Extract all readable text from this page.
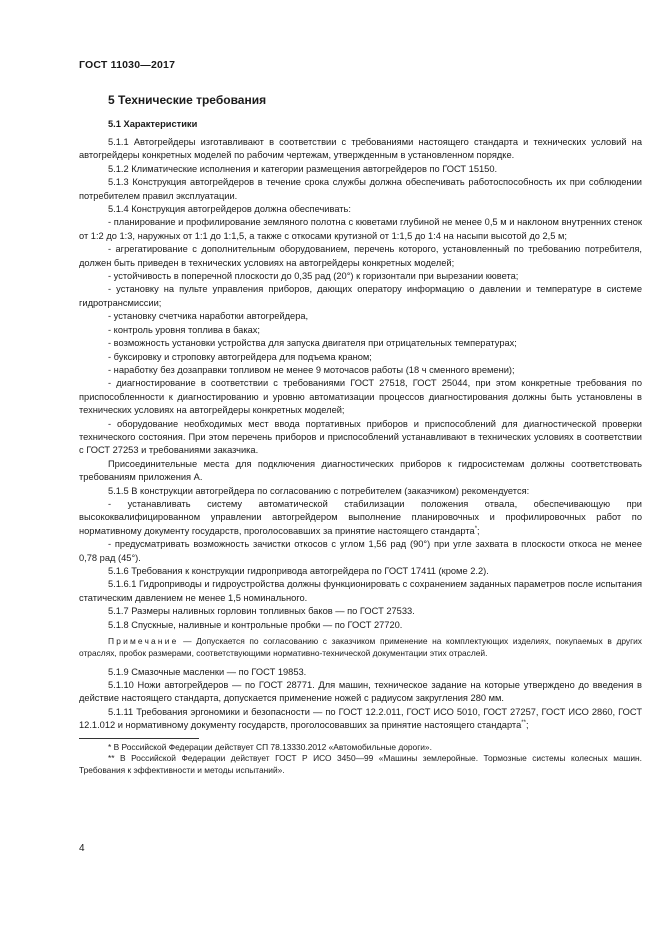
ГОСТ 11030—2017

5 Технические требования

5.1 Характеристики

5.1.1 Автогрейдеры изготавливают в соответствии с требованиями настоящего стандарта и технических условий на автогрейдеры конкретных моделей по рабочим чертежам, утвержденным в установленном порядке.

5.1.2 Климатические исполнения и категории размещения автогрейдеров по ГОСТ 15150.

5.1.3 Конструкция автогрейдеров в течение срока службы должна обеспечивать работоспособность их при соблюдении потребителем правил эксплуатации.

5.1.4 Конструкция автогрейдеров должна обеспечивать:

- планирование и профилирование земляного полотна с кюветами глубиной не менее 0,5 м и наклоном внутренних стенок от 1:2 до 1:3, наружных от 1:1 до 1:1,5, а также с откосами крутизной от 1:1,5 до 1:4 на насыпи высотой до 2,5 м;

- агрегатирование с дополнительным оборудованием, перечень которого, установленный по требованию потребителя, должен быть приведен в технических условиях на автогрейдеры конкретных моделей;

- устойчивость в поперечной плоскости до 0,35 рад (20°) к горизонтали при вырезании кювета;

- установку на пульте управления приборов, дающих оператору информацию о давлении и температуре в системе гидротрансмиссии;

- установку счетчика наработки автогрейдера,

- контроль уровня топлива в баках;

- возможность установки устройства для запуска двигателя при отрицательных температурах;

- буксировку и строповку автогрейдера для подъема краном;

- наработку без дозаправки топливом не менее 9 моточасов работы (18 ч сменного времени);

- диагностирование в соответствии с требованиями ГОСТ 27518, ГОСТ 25044, при этом конкретные требования по приспособленности к диагностированию и уровню автоматизации процессов диагностирования должны быть установлены в технических условиях на автогрейдеры конкретных моделей;

- оборудование необходимых мест ввода портативных приборов и приспособлений для диагностической проверки технического состояния. При этом перечень приборов и приспособлений устанавливают в технических условиях в соответствии с ГОСТ 27253 и требованиями заказчика.

Присоединительные места для подключения диагностических приборов к гидросистемам должны соответствовать требованиям приложения А.

5.1.5 В конструкции автогрейдера по согласованию с потребителем (заказчиком) рекомендуется:

- устанавливать систему автоматической стабилизации положения отвала, обеспечивающую при высококвалифицированном управлении автогрейдером выполнение планировочных и профилировочных работ по нормативному документу государств, проголосовавших за принятие настоящего стандарта*;

- предусматривать возможность зачистки откосов с углом 1,56 рад (90°) при угле захвата в плоскости откоса не менее 0,78 рад (45°).

5.1.6 Требования к конструкции гидропривода автогрейдера по ГОСТ 17411 (кроме 2.2).

5.1.6.1 Гидроприводы и гидроустройства должны функционировать с сохранением заданных параметров после испытания статическим давлением не менее 1,5 номинального.

5.1.7 Размеры наливных горловин топливных баков — по ГОСТ 27533.

5.1.8 Спускные, наливные и контрольные пробки — по ГОСТ 27720.

Примечание — Допускается по согласованию с заказчиком применение на комплектующих изделиях, покупаемых в других отраслях, пробок размерами, соответствующими нормативно-технической документации этих отраслей.

5.1.9 Смазочные масленки — по ГОСТ 19853.

5.1.10 Ножи автогрейдеров — по ГОСТ 28771. Для машин, техническое задание на которые утверждено до введения в действие настоящего стандарта, допускается применение ножей с радиусом закругления 280 мм.

5.1.11 Требования эргономики и безопасности — по ГОСТ 12.2.011, ГОСТ ИСО 5010, ГОСТ 27257, ГОСТ ИСО 2860, ГОСТ 12.1.012 и нормативному документу государств, проголосовавших за принятие настоящего стандарта**;

* В Российской Федерации действует СП 78.13330.2012 «Автомобильные дороги».

** В Российской Федерации действует ГОСТ Р ИСО 3450—99 «Машины землеройные. Тормозные системы колесных машин. Требования к эффективности и методы испытаний».

4
